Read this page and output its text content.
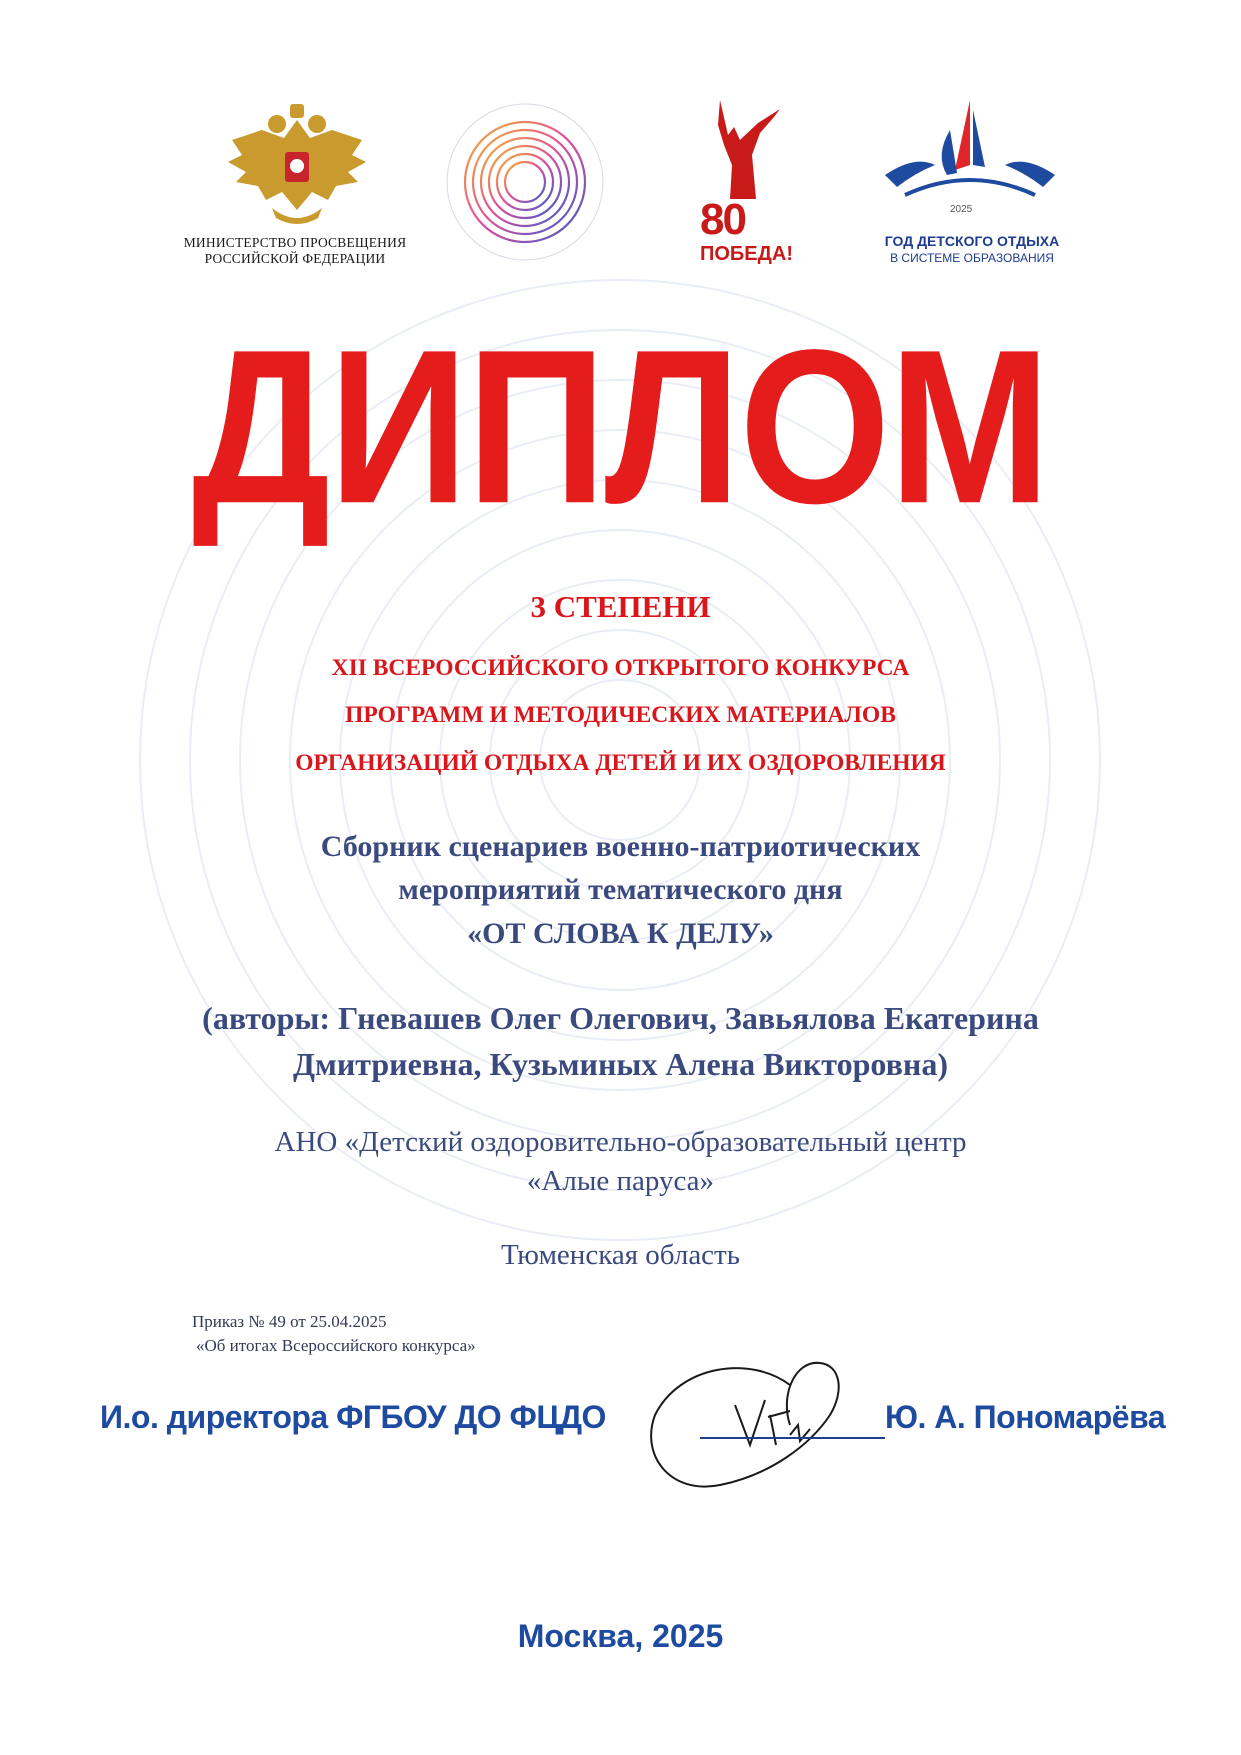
МИНИСТЕРСТВО ПРОСВЕЩЕНИЯ
РОССИЙСКОЙ ФЕДЕРАЦИИ
80
ПОБЕДА!
2025
ГОД ДЕТСКОГО ОТДЫХА
В СИСТЕМЕ ОБРАЗОВАНИЯ
ДИПЛОМ
3 СТЕПЕНИ
XII ВСЕРОССИЙСКОГО ОТКРЫТОГО КОНКУРСА
ПРОГРАММ И МЕТОДИЧЕСКИХ МАТЕРИАЛОВ
ОРГАНИЗАЦИЙ ОТДЫХА ДЕТЕЙ И ИХ ОЗДОРОВЛЕНИЯ
Сборник сценариев военно-патриотических
мероприятий тематического дня
«ОТ СЛОВА К ДЕЛУ»
(авторы: Гневашев Олег Олегович, Завьялова Екатерина
Дмитриевна, Кузьминых Алена Викторовна)
АНО «Детский оздоровительно-образовательный центр
«Алые паруса»
Тюменская область
Приказ № 49 от 25.04.2025
«Об итогах Всероссийского конкурса»
И.о. директора ФГБОУ ДО ФЦДО	Ю. А. Пономарёва
Москва, 2025
